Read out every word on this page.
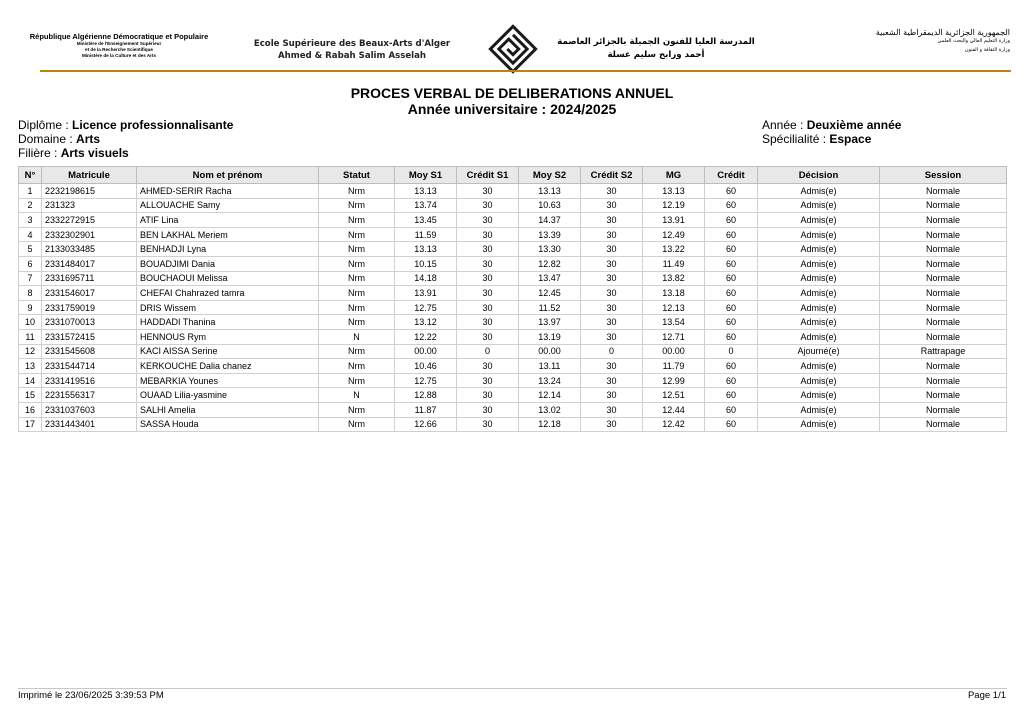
République Algérienne Démocratique et Populaire
Ministère de l'Enseignement Supérieur
et de la Recherche Scientifique
Ministère de la Culture et des Arts
Ecole Supérieure des Beaux-Arts d'Alger
Ahmed & Rabah Salim Asselah
المدرسة العليا للفنون الجميلة بالجزائر العاصمة
أحمد ورابح سليم عسلة
الجمهورية الجزائرية الديمقراطية الشعبية
وزارة التعليم العالي والبحث العلمي
وزارة الثقافة و الفنون
PROCES VERBAL DE DELIBERATIONS ANNUEL
Année universitaire : 2024/2025
Diplôme : Licence professionnalisante
Domaine : Arts
Filière : Arts visuels
Année : Deuxième année
Spécilialité : Espace
N°	Matricule	Nom et prénom	Statut	Moy S1	Crédit S1	Moy S2	Crédit S2	MG	Crédit	Décision	Session
1	2232198615	AHMED-SERIR Racha	Nrm	13.13	30	13.13	30	13.13	60	Admis(e)	Normale
2	231323	ALLOUACHE Samy	Nrm	13.74	30	10.63	30	12.19	60	Admis(e)	Normale
3	2332272915	ATIF Lina	Nrm	13.45	30	14.37	30	13.91	60	Admis(e)	Normale
4	2332302901	BEN LAKHAL Meriem	Nrm	11.59	30	13.39	30	12.49	60	Admis(e)	Normale
5	2133033485	BENHADJI Lyna	Nrm	13.13	30	13.30	30	13.22	60	Admis(e)	Normale
6	2331484017	BOUADJIMI Dania	Nrm	10.15	30	12.82	30	11.49	60	Admis(e)	Normale
7	2331695711	BOUCHAOUI Melissa	Nrm	14.18	30	13.47	30	13.82	60	Admis(e)	Normale
8	2331546017	CHEFAI Chahrazed tamra	Nrm	13.91	30	12.45	30	13.18	60	Admis(e)	Normale
9	2331759019	DRIS Wissem	Nrm	12.75	30	11.52	30	12.13	60	Admis(e)	Normale
10	2331070013	HADDADI Thanina	Nrm	13.12	30	13.97	30	13.54	60	Admis(e)	Normale
11	2331572415	HENNOUS Rym	N	12.22	30	13.19	30	12.71	60	Admis(e)	Normale
12	2331545608	KACI AISSA Serine	Nrm	00.00	0	00.00	0	00.00	0	Ajourné(e)	Rattrapage
13	2331544714	KERKOUCHE Dalia chanez	Nrm	10.46	30	13.11	30	11.79	60	Admis(e)	Normale
14	2331419516	MEBARKIA Younes	Nrm	12.75	30	13.24	30	12.99	60	Admis(e)	Normale
15	2231556317	OUAAD Lilia-yasmine	N	12.88	30	12.14	30	12.51	60	Admis(e)	Normale
16	2331037603	SALHI Amelia	Nrm	11.87	30	13.02	30	12.44	60	Admis(e)	Normale
17	2331443401	SASSA Houda	Nrm	12.66	30	12.18	30	12.42	60	Admis(e)	Normale
Imprimé le 23/06/2025 3:39:53 PM	Page 1/1
